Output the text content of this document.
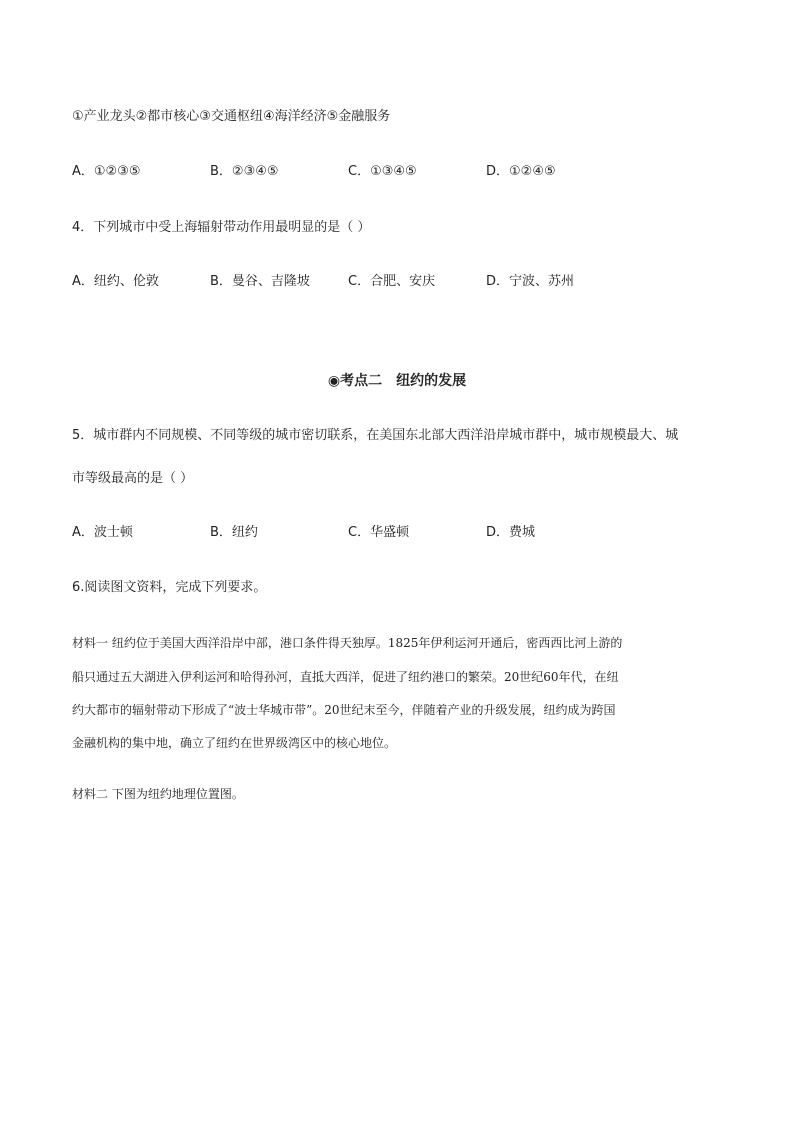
①产业龙头②都市核心③交通枢纽④海洋经济⑤金融服务
A．①②③⑤	B．②③④⑤	C．①③④⑤	D．①②④⑤
4．下列城市中受上海辐射带动作用最明显的是（ ）
A．纽约、伦敦	B．曼谷、吉隆坡	C．合肥、安庆	D．宁波、苏州
◉考点二 纽约的发展
5．城市群内不同规模、不同等级的城市密切联系，在美国东北部大西洋沿岸城市群中，城市规模最大、城
市等级最高的是（ ）
A．波士顿	B．纽约	C．华盛顿	D．费城
6.阅读图文资料，完成下列要求。
材料一 纽约位于美国大西洋沿岸中部，港口条件得天独厚。1825年伊利运河开通后，密西西比河上游的
船只通过五大湖进入伊利运河和哈得孙河，直抵大西洋，促进了纽约港口的繁荣。20世纪60年代，在纽
约大都市的辐射带动下形成了“波士华城市带”。20世纪末至今，伴随着产业的升级发展，纽约成为跨国
金融机构的集中地，确立了纽约在世界级湾区中的核心地位。
材料二 下图为纽约地理位置图。
